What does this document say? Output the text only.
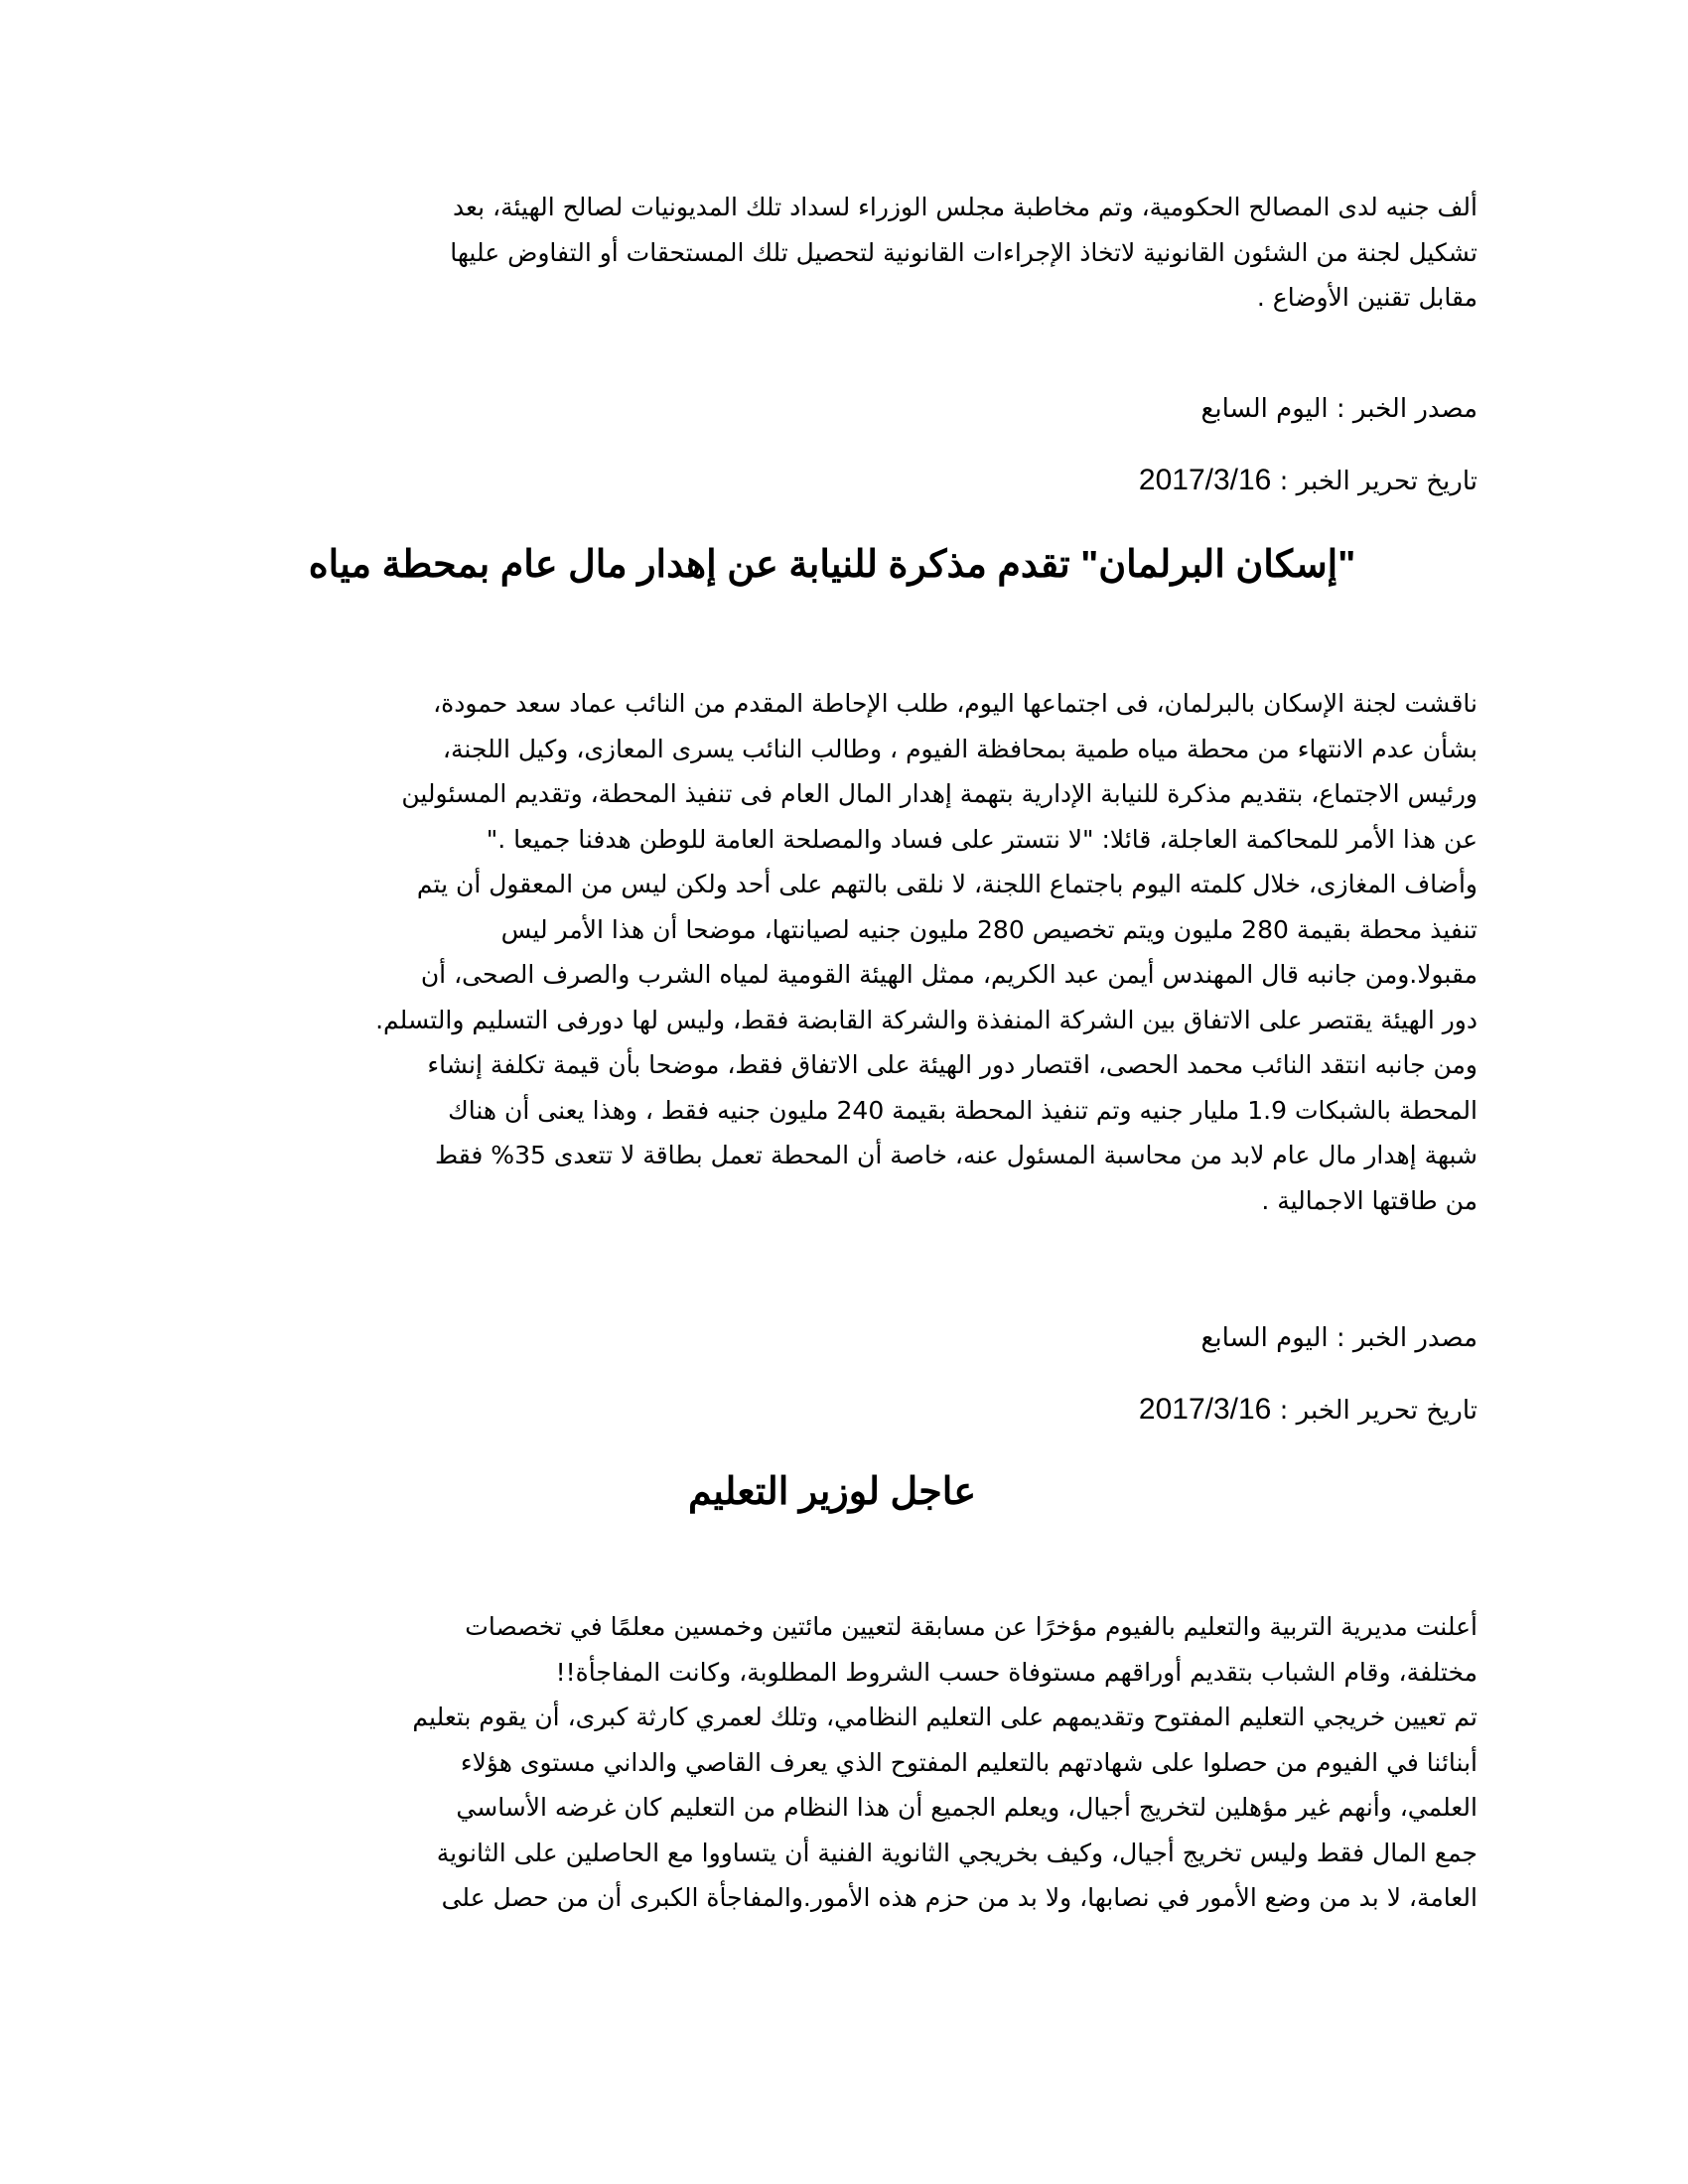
ألف جنيه لدى المصالح الحكومية، وتم مخاطبة مجلس الوزراء لسداد تلك المديونيات لصالح الهيئة، بعد

تشكيل لجنة من الشئون القانونية لاتخاذ الإجراءات القانونية لتحصيل تلك المستحقات أو التفاوض عليها

مقابل تقنين الأوضاع .

مصدر الخبر : اليوم السابع
تاريخ تحرير الخبر : 2017/3/16
"إسكان البرلمان" تقدم مذكرة للنيابة عن إهدار مال عام بمحطة مياه

ناقشت لجنة الإسكان بالبرلمان، فى اجتماعها اليوم، طلب الإحاطة المقدم من النائب عماد سعد حمودة،

بشأن عدم الانتهاء من محطة مياه طمية بمحافظة الفيوم ، وطالب النائب يسرى المعازى، وكيل اللجنة،

ورئيس الاجتماع، بتقديم مذكرة للنيابة الإدارية بتهمة إهدار المال العام فى تنفيذ المحطة، وتقديم المسئولين

عن هذا الأمر للمحاكمة العاجلة، قائلا: "لا نتستر على فساد والمصلحة العامة للوطن هدفنا جميعا ."

وأضاف المغازى، خلال كلمته اليوم باجتماع اللجنة، لا نلقى بالتهم على أحد ولكن ليس من المعقول أن يتم

تنفيذ محطة بقيمة 280 مليون ويتم تخصيص 280 مليون جنيه لصيانتها، موضحا أن هذا الأمر ليس

مقبولا.ومن جانبه قال المهندس أيمن عبد الكريم، ممثل الهيئة القومية لمياه الشرب والصرف الصحى، أن

دور الهيئة يقتصر على الاتفاق بين الشركة المنفذة والشركة القابضة فقط، وليس لها دورفى التسليم والتسلم.

ومن جانبه انتقد النائب محمد الحصى، اقتصار دور الهيئة على الاتفاق فقط، موضحا بأن قيمة تكلفة إنشاء

المحطة بالشبكات 1.9 مليار جنيه وتم تنفيذ المحطة بقيمة 240 مليون جنيه فقط ، وهذا يعنى أن هناك

شبهة إهدار مال عام لابد من محاسبة المسئول عنه، خاصة أن المحطة تعمل بطاقة لا تتعدى 35% فقط

من طاقتها الاجمالية .

مصدر الخبر : اليوم السابع
تاريخ تحرير الخبر : 2017/3/16
عاجل لوزير التعليم

أعلنت مديرية التربية والتعليم بالفيوم مؤخرًا عن مسابقة لتعيين مائتين وخمسين معلمًا في تخصصات

مختلفة، وقام الشباب بتقديم أوراقهم مستوفاة حسب الشروط المطلوبة، وكانت المفاجأة!!

تم تعيين خريجي التعليم المفتوح وتقديمهم على التعليم النظامي، وتلك لعمري كارثة كبرى، أن يقوم بتعليم

أبنائنا في الفيوم من حصلوا على شهادتهم بالتعليم المفتوح الذي يعرف القاصي والداني مستوى هؤلاء

العلمي، وأنهم غير مؤهلين لتخريج أجيال، ويعلم الجميع أن هذا النظام من التعليم كان غرضه الأساسي

جمع المال فقط وليس تخريج أجيال، وكيف بخريجي الثانوية الفنية أن يتساووا مع الحاصلين على الثانوية

العامة، لا بد من وضع الأمور في نصابها، ولا بد من حزم هذه الأمور.والمفاجأة الكبرى أن من حصل على
